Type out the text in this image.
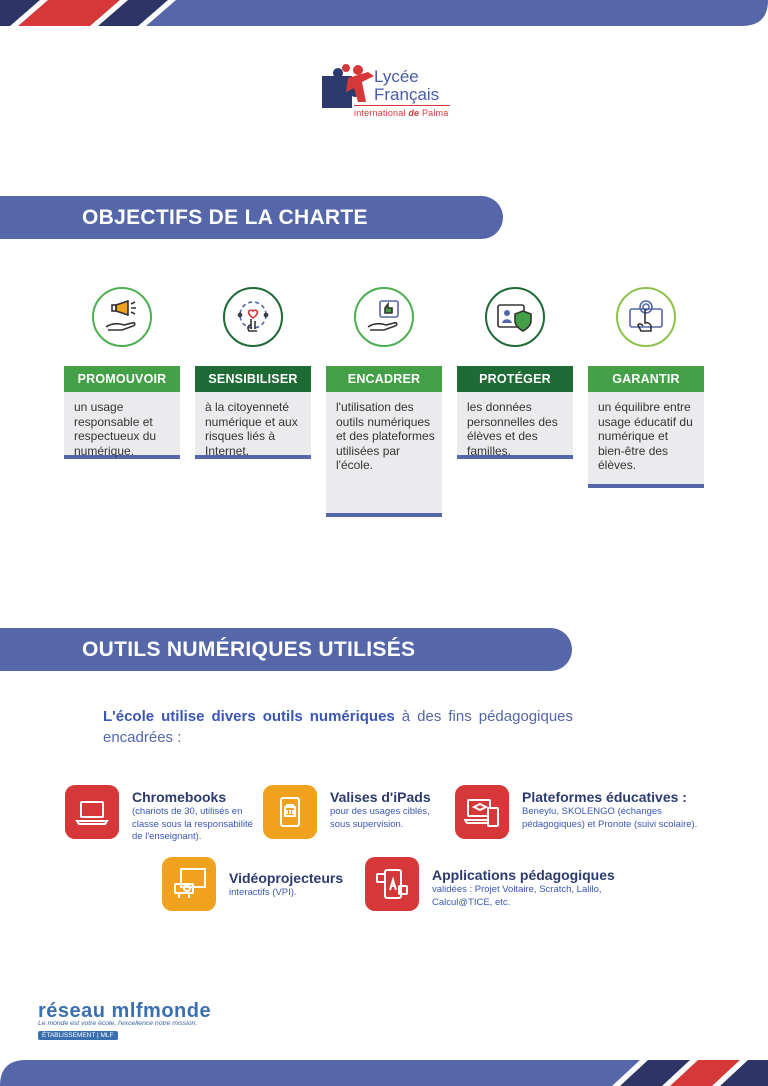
Lycée
Français
international de Palma
OBJECTIFS DE LA CHARTE
PROMOUVOIR
un usage responsable et respectueux du numérique.
SENSIBILISER
à la citoyenneté numérique et aux risques liés à Internet.
ENCADRER
l'utilisation des outils numériques et des plateformes utilisées par l'école.
PROTÉGER
les données personnelles des élèves et des familles.
GARANTIR
un équilibre entre usage éducatif du numérique et bien-être des élèves.
OUTILS NUMÉRIQUES UTILISÉS
L'école utilise divers outils numériques à des fins pédagogiques encadrées :
Chromebooks
(chariots de 30, utilisés en classe sous la responsabilité de l'enseignant).
Valises d'iPads
pour des usages ciblés, sous supervision.
Plateformes éducatives :
Beneylu, SKOLENGO (échanges pédagogiques) et Pronote (suivi scolaire).
Vidéoprojecteurs
interactifs (VPI).
Applications pédagogiques
validées : Projet Voltaire, Scratch, Lalilo, Calcul@TICE, etc.
réseau mlfmonde
Le monde est votre école, l'excellence notre mission.
ÉTABLISSEMENT | MLF
